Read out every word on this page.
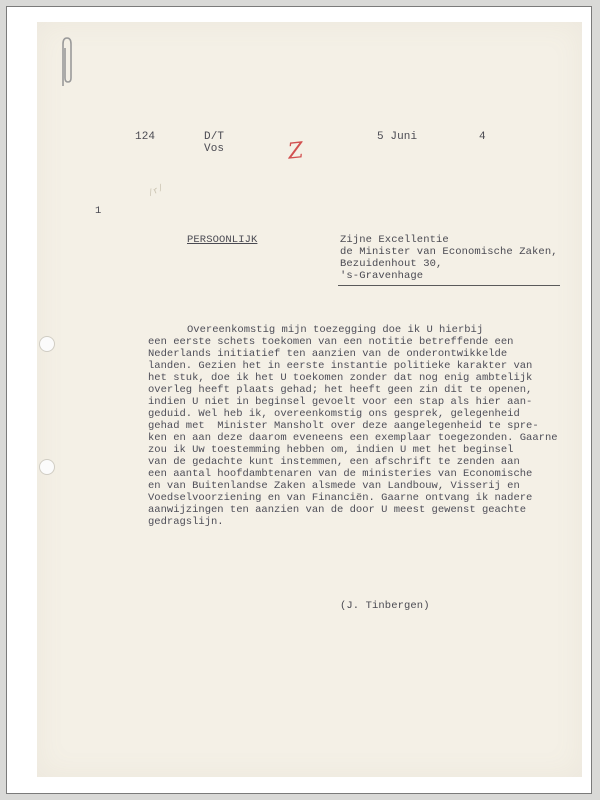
124	D/T
Vos
5 Juni	4
Z
/r/
1
PERSOONLIJK	Zijne Excellentie
de Minister van Economische Zaken,
Bezuidenhout 30,
's-Gravenhage
Overeenkomstig mijn toezegging doe ik U hierbij
een eerste schets toekomen van een notitie betreffende een
Nederlands initiatief ten aanzien van de onderontwikkelde
landen. Gezien het in eerste instantie politieke karakter van
het stuk, doe ik het U toekomen zonder dat nog enig ambtelijk
overleg heeft plaats gehad; het heeft geen zin dit te openen,
indien U niet in beginsel gevoelt voor een stap als hier aan-
geduid. Wel heb ik, overeenkomstig ons gesprek, gelegenheid
gehad met  Minister Mansholt over deze aangelegenheid te spre-
ken en aan deze daarom eveneens een exemplaar toegezonden. Gaarne
zou ik Uw toestemming hebben om, indien U met het beginsel
van de gedachte kunt instemmen, een afschrift te zenden aan
een aantal hoofdambtenaren van de ministeries van Economische
en van Buitenlandse Zaken alsmede van Landbouw, Visserij en
Voedselvoorziening en van Financiën. Gaarne ontvang ik nadere
aanwijzingen ten aanzien van de door U meest gewenst geachte
gedragslijn.
(J. Tinbergen)
